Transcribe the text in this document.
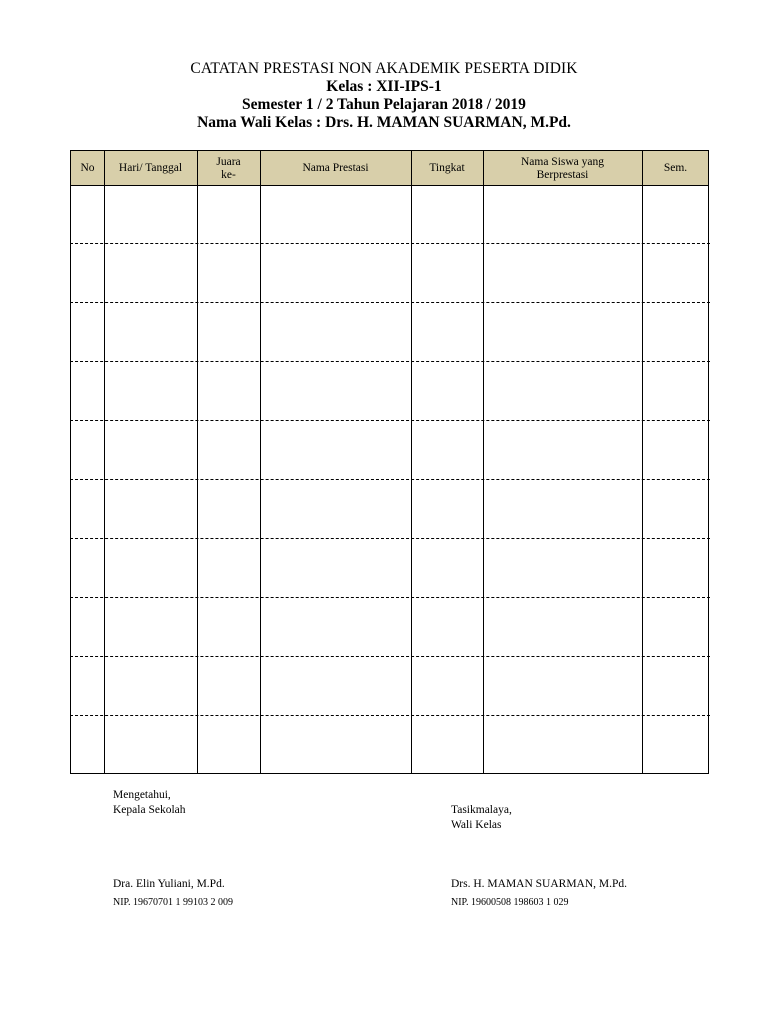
CATATAN PRESTASI NON AKADEMIK PESERTA DIDIK
Kelas : XII-IPS-1
Semester 1 / 2 Tahun Pelajaran 2018 / 2019
Nama Wali Kelas : Drs. H. MAMAN SUARMAN, M.Pd.
No Hari/ Tanggal
Juara
ke-
Nama Prestasi	Tingkat
Nama Siswa yang
Berprestasi
Sem.
Mengetahui,
Kepala Sekolah	Tasikmalaya,
Wali Kelas
Dra. Elin Yuliani, M.Pd.
NIP. 19670701 1 99103 2 009
Drs. H. MAMAN SUARMAN, M.Pd.
NIP. 19600508 198603 1 029
